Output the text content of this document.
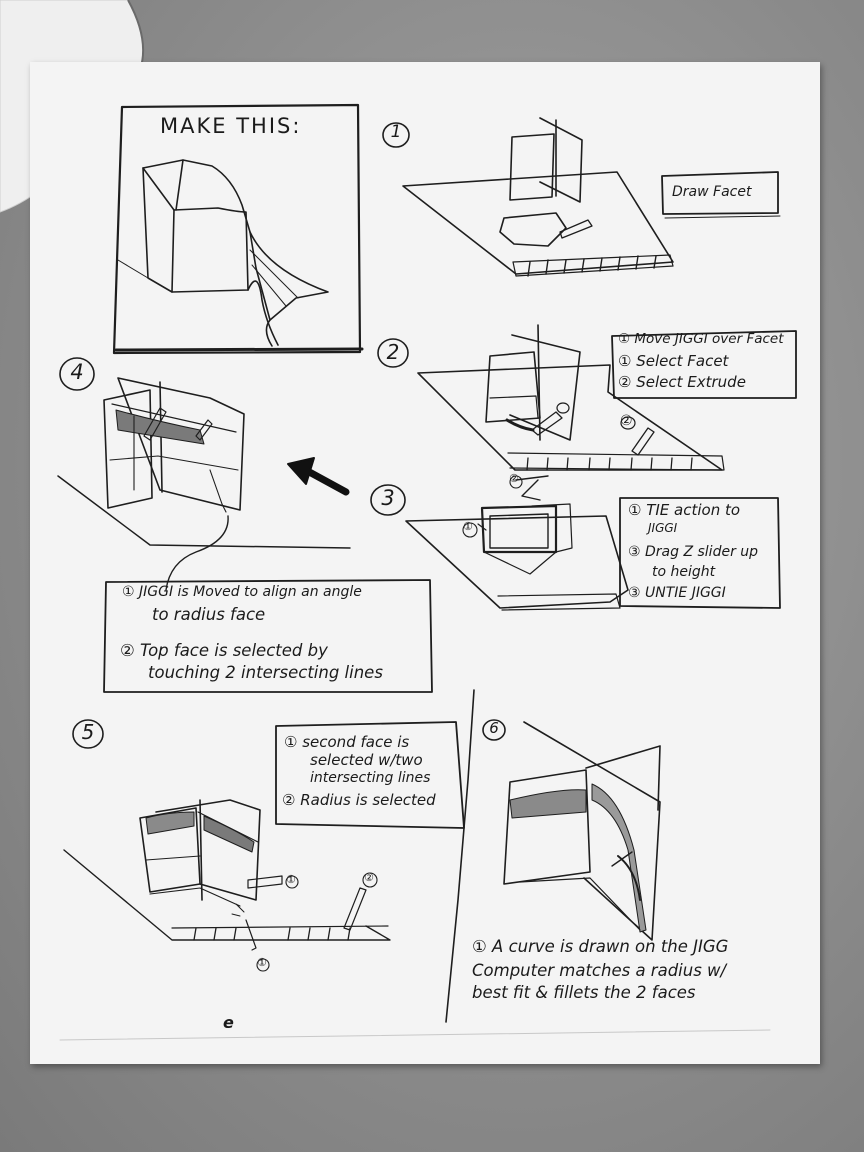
MAKE THIS:	1
Draw Facet
2
① Move JIGGI over Facet
① Select Facet
② Select Extrude
②
3	① TIE action to
JIGGI
③ Drag Z slider up
to height
③ UNTIE JIGGI
①
②
4
① JIGGI is Moved to align an angle
to radius face
② Top face is selected by
touching 2 intersecting lines
5	① second face is
selected w/two
intersecting lines
② Radius is selected
①	②
①
6
① A curve is drawn on the JIGG
Computer matches a radius w/
best fit & fillets the 2 faces
e
